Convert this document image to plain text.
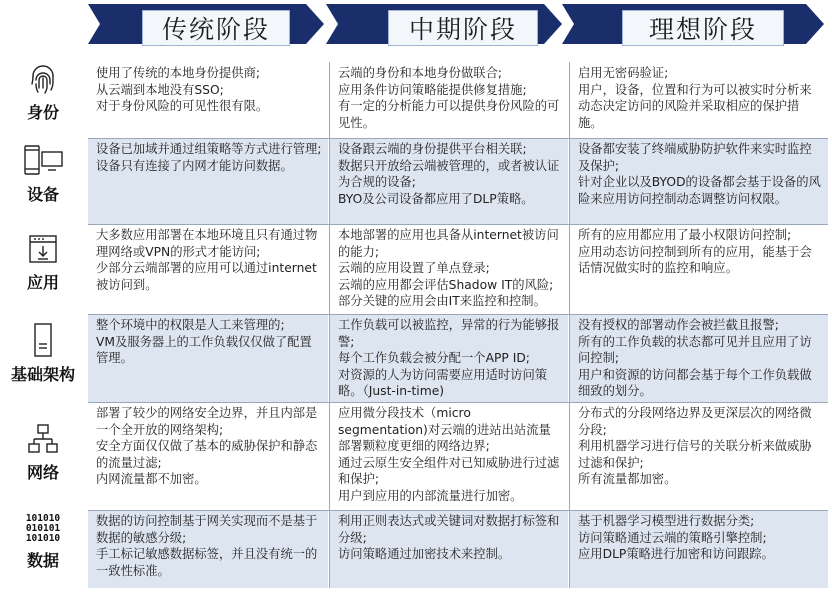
传统阶段	中期阶段	理想阶段
身份
设备
应用
基础架构
网络
101010
010101
101010
数据
使用了传统的本地身份提供商;
从云端到本地没有SSO;
对于身份风险的可见性很有限。
云端的身份和本地身份做联合;
应用条件访问策略能提供修复措施;
有一定的分析能力可以提供身份风险的可见性。
启用无密码验证;
用户，设备，位置和行为可以被实时分析来动态决定访问的风险并采取相应的保护措施。
设备已加域并通过组策略等方式进行管理;
设备只有连接了内网才能访问数据。
设备跟云端的身份提供平台相关联;
数据只开放给云端被管理的，或者被认证为合规的设备;
BYO及公司设备都应用了DLP策略。
设备都安装了终端威胁防护软件来实时监控及保护;
针对企业以及BYOD的设备都会基于设备的风险来应用访问控制动态调整访问权限。
大多数应用部署在本地环境且只有通过物理网络或VPN的形式才能访问;
少部分云端部署的应用可以通过internet被访问到。
本地部署的应用也具备从internet被访问的能力;
云端的应用设置了单点登录;
云端的应用都会评估Shadow IT的风险;
部分关键的应用会由IT来监控和控制。
所有的应用都应用了最小权限访问控制;
应用动态访问控制到所有的应用，能基于会话情况做实时的监控和响应。
整个环境中的权限是人工来管理的;
VM及服务器上的工作负载仅仅做了配置管理。
工作负载可以被监控，异常的行为能够报警;
每个工作负载会被分配一个APP ID;
对资源的人为访问需要应用适时访问策略。（Just-in-time)
没有授权的部署动作会被拦截且报警;
所有的工作负载的状态都可见并且应用了访问控制;
用户和资源的访问都会基于每个工作负载做细致的划分。
部署了较少的网络安全边界，并且内部是一个全开放的网络架构;
安全方面仅仅做了基本的威胁保护和静态的流量过滤;
内网流量都不加密。
应用微分段技术（micro segmentation)对云端的进站出站流量部署颗粒度更细的网络边界;
通过云原生安全组件对已知威胁进行过滤和保护;
用户到应用的内部流量进行加密。
分布式的分段网络边界及更深层次的网络微分段;
利用机器学习进行信号的关联分析来做威胁过滤和保护;
所有流量都加密。
数据的访问控制基于网关实现而不是基于数据的敏感分级;
手工标记敏感数据标签，并且没有统一的一致性标准。
利用正则表达式或关键词对数据打标签和分级;
访问策略通过加密技术来控制。
基于机器学习模型进行数据分类;
访问策略通过云端的策略引擎控制;
应用DLP策略进行加密和访问跟踪。
